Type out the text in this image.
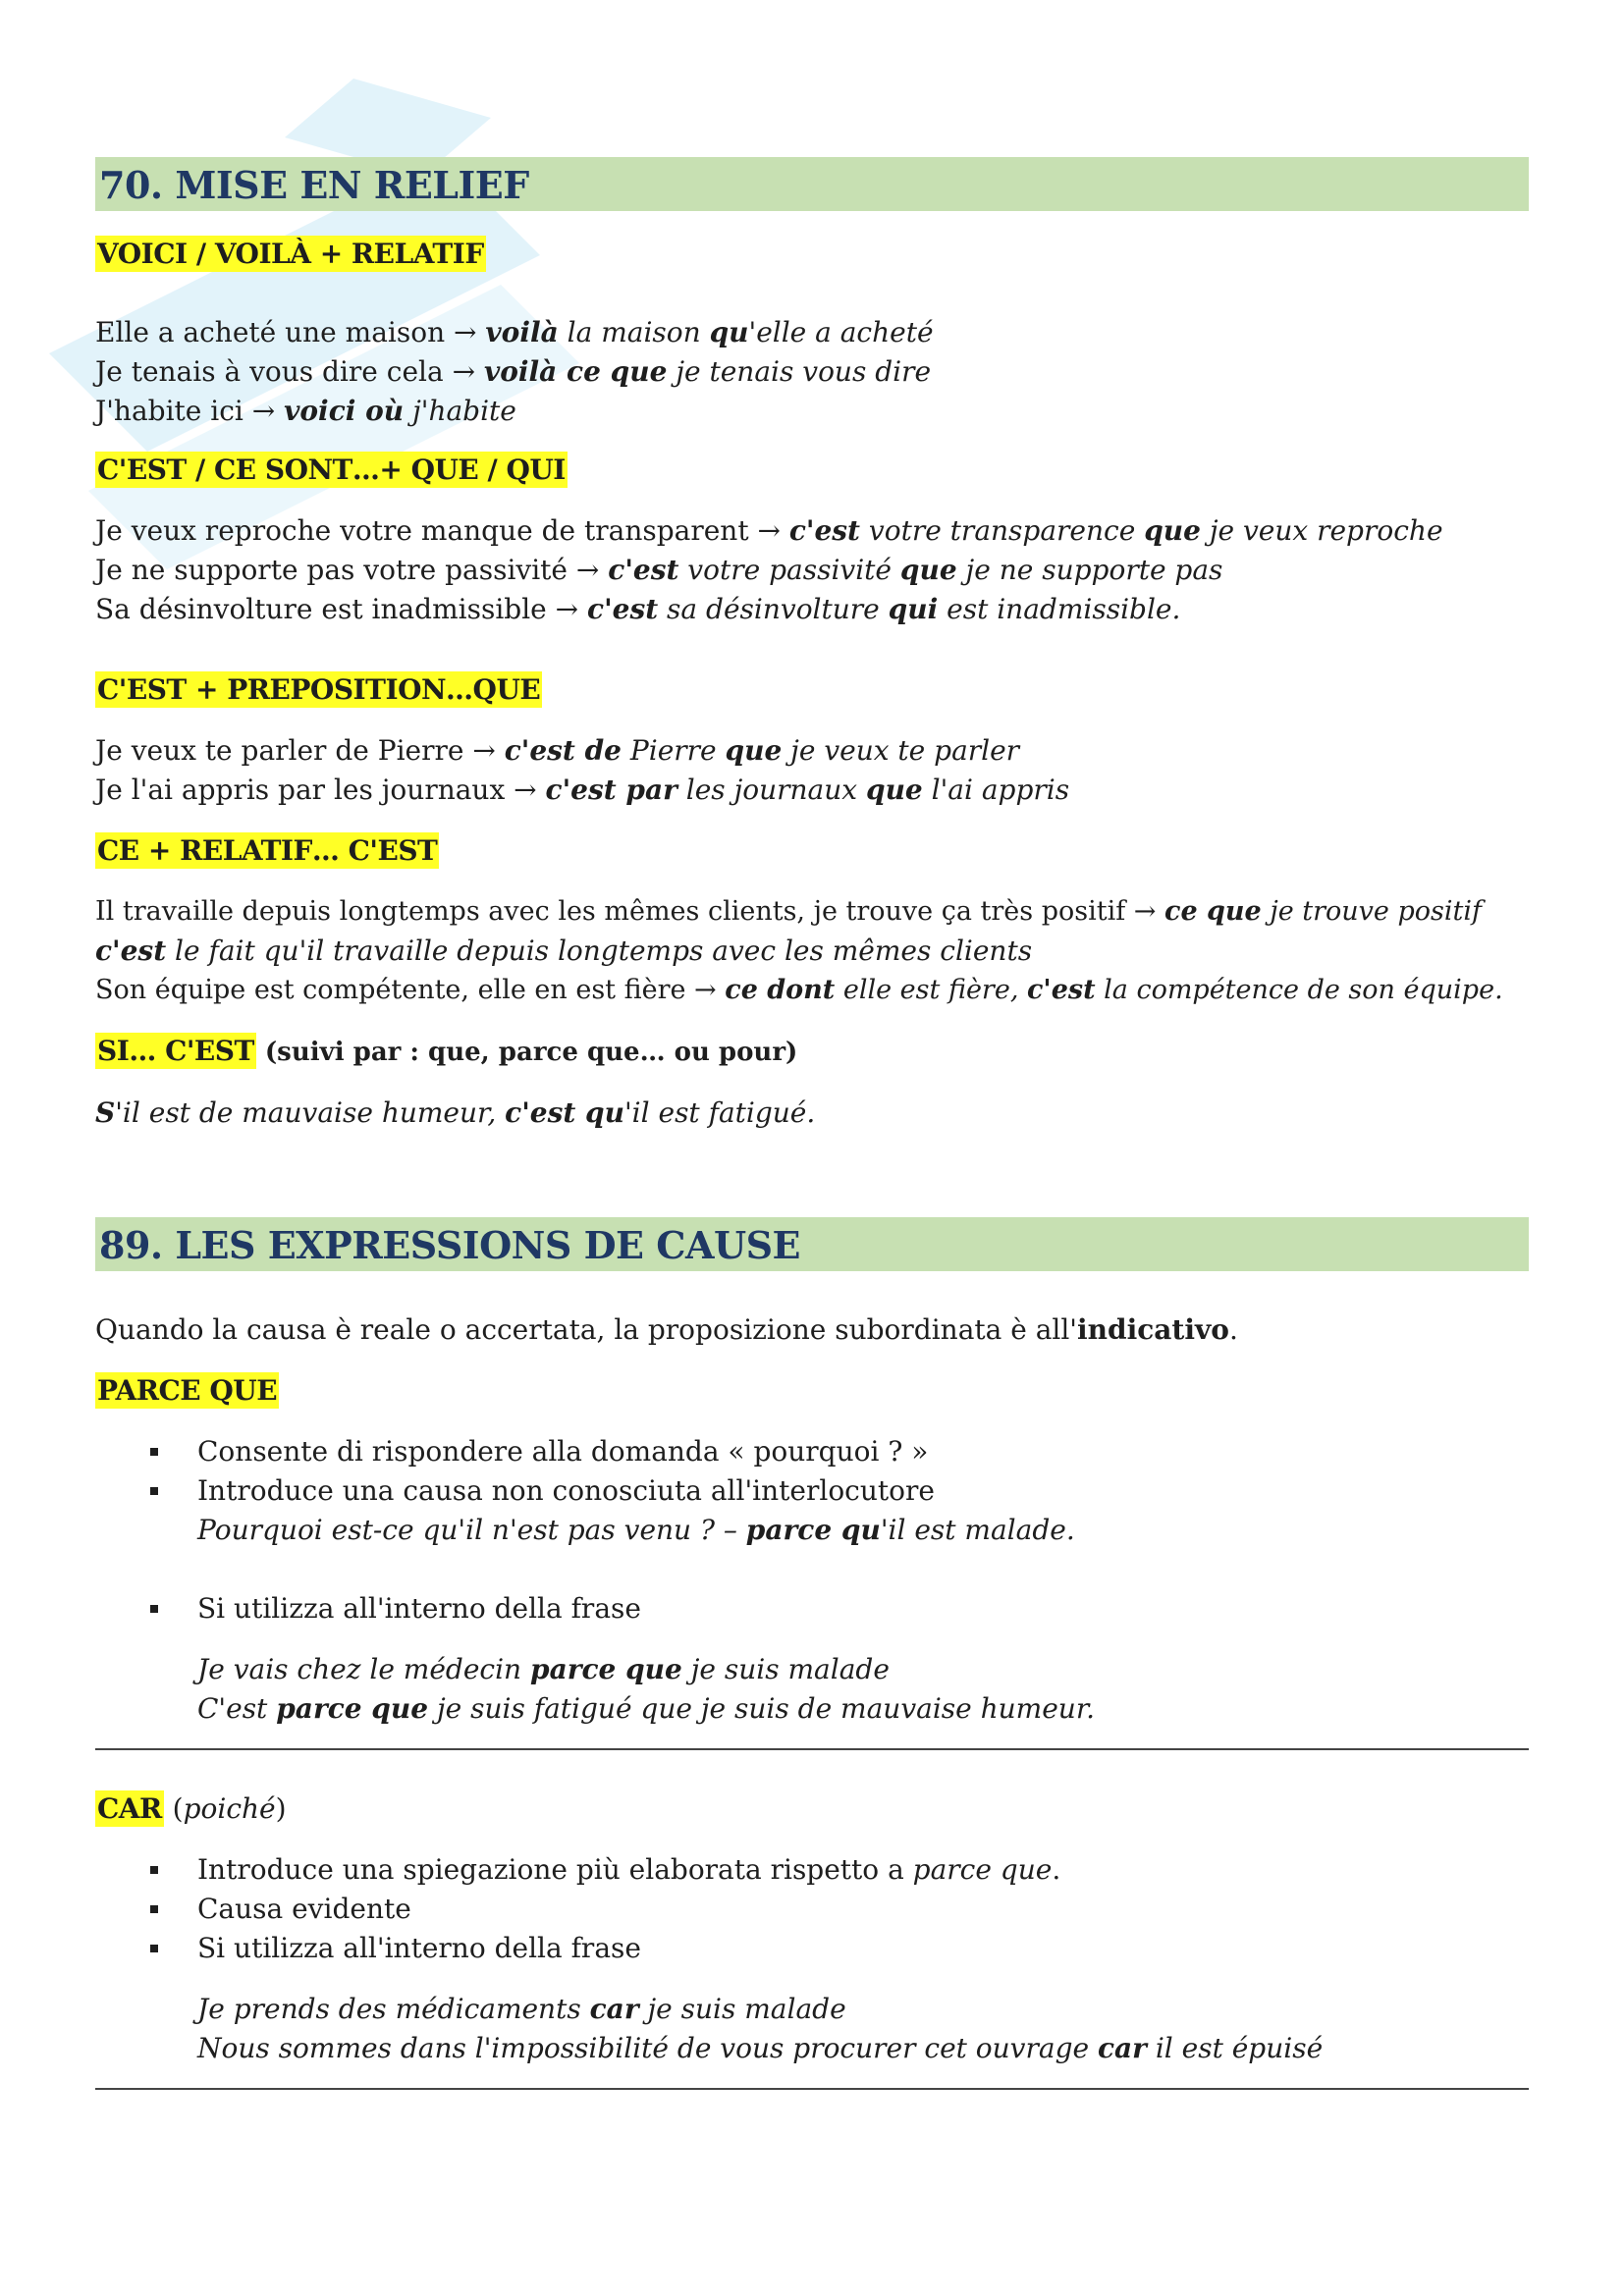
70. MISE EN RELIEF

VOICI / VOILÀ + RELATIF

Elle a acheté une maison → voilà la maison qu'elle a acheté

Je tenais à vous dire cela → voilà ce que je tenais vous dire

J'habite ici → voici où j'habite

C'EST / CE SONT…+ QUE / QUI

Je veux reproche votre manque de transparent → c'est votre transparence que je veux reproche

Je ne supporte pas votre passivité → c'est votre passivité que je ne supporte pas

Sa désinvolture est inadmissible → c'est sa désinvolture qui est inadmissible.

C'EST + PREPOSITION…QUE

Je veux te parler de Pierre → c'est de Pierre que je veux te parler

Je l'ai appris par les journaux → c'est par les journaux que l'ai appris

CE + RELATIF… C'EST

Il travaille depuis longtemps avec les mêmes clients, je trouve ça très positif → ce que je trouve positif

c'est le fait qu'il travaille depuis longtemps avec les mêmes clients

Son équipe est compétente, elle en est fière → ce dont elle est fière, c'est la compétence de son équipe.

SI… C'EST (suivi par : que, parce que… ou pour)

S'il est de mauvaise humeur, c'est qu'il est fatigué.

89. LES EXPRESSIONS DE CAUSE

Quando la causa è reale o accertata, la proposizione subordinata è all'indicativo.

PARCE QUE

Consente di rispondere alla domanda « pourquoi ? »
Introduce una causa non conosciuta all'interlocutore

Pourquoi est-ce qu'il n'est pas venu ? – parce qu'il est malade.

Si utilizza all'interno della frase

Je vais chez le médecin parce que je suis malade

C'est parce que je suis fatigué que je suis de mauvaise humeur.

CAR (poiché)

Introduce una spiegazione più elaborata rispetto a parce que.
Causa evidente
Si utilizza all'interno della frase

Je prends des médicaments car je suis malade

Nous sommes dans l'impossibilité de vous procurer cet ouvrage car il est épuisé
